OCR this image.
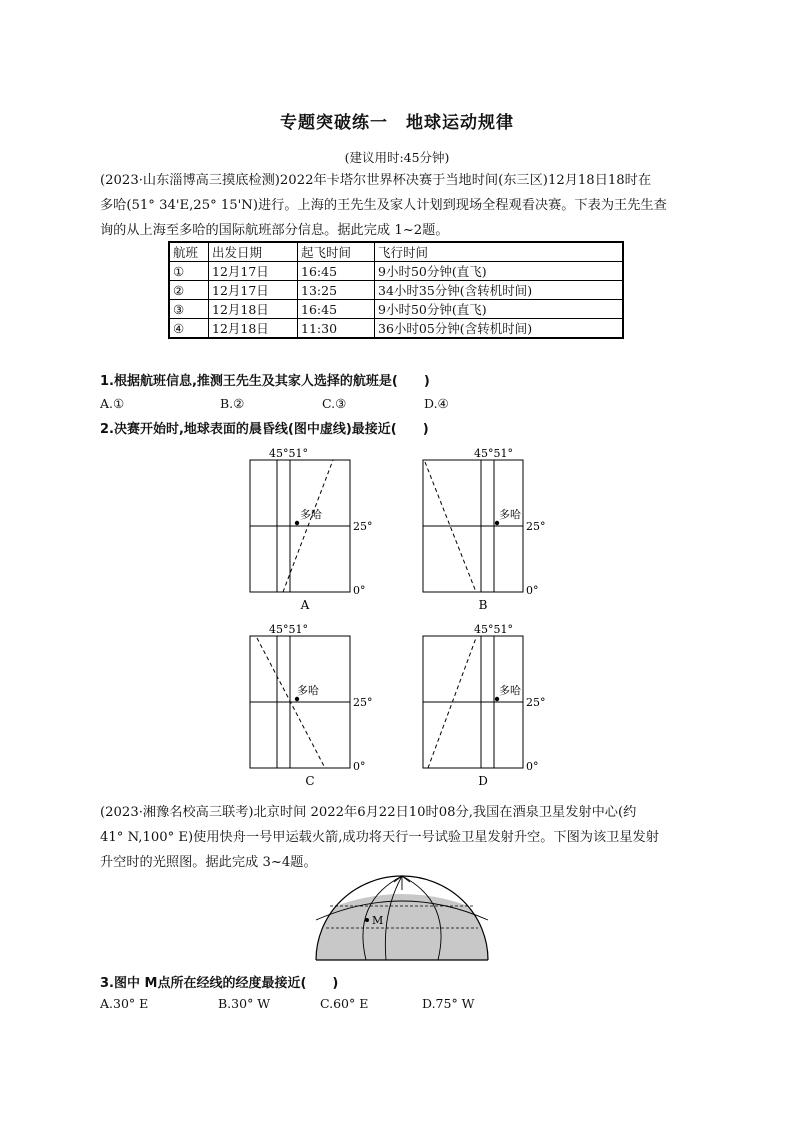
专题突破练一　地球运动规律
(建议用时:45分钟)
(2023·山东淄博高三摸底检测)2022年卡塔尔世界杯决赛于当地时间(东三区)12月18日18时在
多哈(51° 34'E,25° 15'N)进行。上海的王先生及家人计划到现场全程观看决赛。下表为王先生查
询的从上海至多哈的国际航班部分信息。据此完成 1~2题。
航班	出发日期	起飞时间	飞行时间
①	12月17日	16:45	9小时50分钟(直飞)
②	12月17日	13:25	34小时35分钟(含转机时间)
③	12月18日	16:45	9小时50分钟(直飞)
④	12月18日	11:30	36小时05分钟(含转机时间)
1.根据航班信息,推测王先生及其家人选择的航班是(　　)
A.①	B.②	C.③	D.④
2.决赛开始时,地球表面的晨昏线(图中虚线)最接近(　　)
45°51°
多哈
25°
0°
A
45°51°
多哈
25°
0°
B
45°51°
多哈
25°
0°
C
45°51°
多哈
25°
0°
D
(2023·湘豫名校高三联考)北京时间 2022年6月22日10时08分,我国在酒泉卫星发射中心(约
41° N,100° E)使用快舟一号甲运载火箭,成功将天行一号试验卫星发射升空。下图为该卫星发射
升空时的光照图。据此完成 3~4题。
M
3.图中 M点所在经线的经度最接近(　　)
A.30° E	B.30° W	C.60° E	D.75° W
